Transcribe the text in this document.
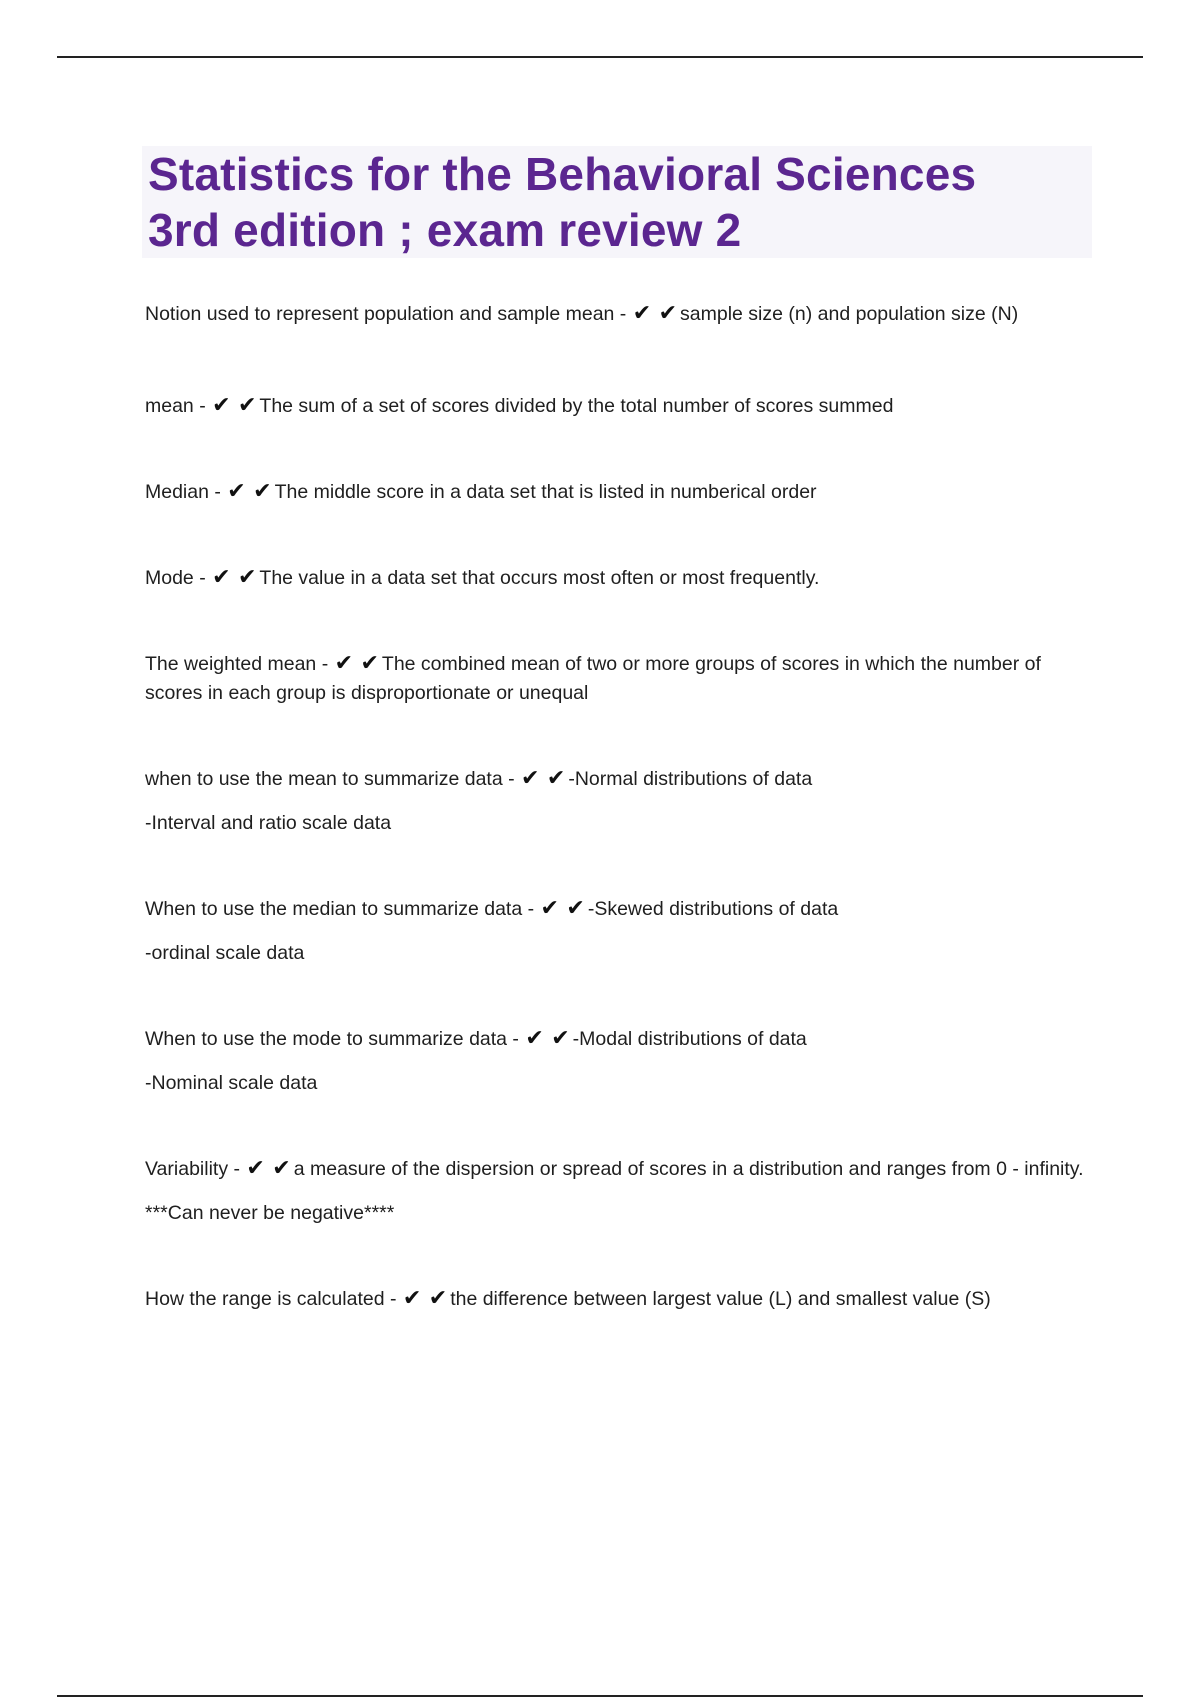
Statistics for the Behavioral Sciences
3rd edition ; exam review 2

Notion used to represent population and sample mean - ✔ ✔ sample size (n) and population size (N)

mean - ✔ ✔ The sum of a set of scores divided by the total number of scores summed

Median - ✔ ✔ The middle score in a data set that is listed in numberical order

Mode - ✔ ✔ The value in a data set that occurs most often or most frequently.

The weighted mean - ✔ ✔ The combined mean of two or more groups of scores in which the number of scores in each group is disproportionate or unequal

when to use the mean to summarize data - ✔ ✔ -Normal distributions of data

-Interval and ratio scale data

When to use the median to summarize data - ✔ ✔ -Skewed distributions of data

-ordinal scale data

When to use the mode to summarize data - ✔ ✔ -Modal distributions of data

-Nominal scale data

Variability - ✔ ✔ a measure of the dispersion or spread of scores in a distribution and ranges from 0 - infinity.

***Can never be negative****

How the range is calculated - ✔ ✔ the difference between largest value (L) and smallest value (S)
